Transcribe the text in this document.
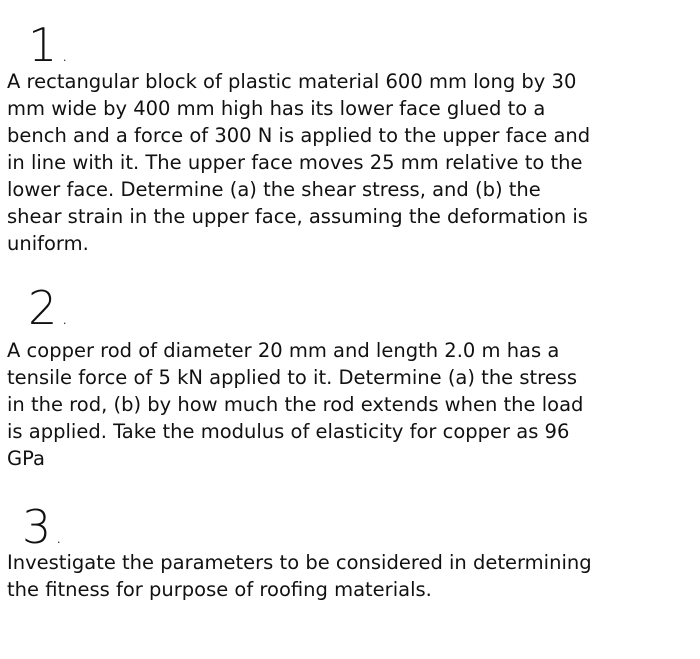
1 .

A rectangular block of plastic material 600 mm long by 30
mm wide by 400 mm high has its lower face glued to a
bench and a force of 300 N is applied to the upper face and
in line with it. The upper face moves 25 mm relative to the
lower face. Determine (a) the shear stress, and (b) the
shear strain in the upper face, assuming the deformation is
uniform.

2 .

A copper rod of diameter 20 mm and length 2.0 m has a
tensile force of 5 kN applied to it. Determine (a) the stress
in the rod, (b) by how much the rod extends when the load
is applied. Take the modulus of elasticity for copper as 96
GPa

3 .

Investigate the parameters to be considered in determining
the fitness for purpose of roofing materials.
